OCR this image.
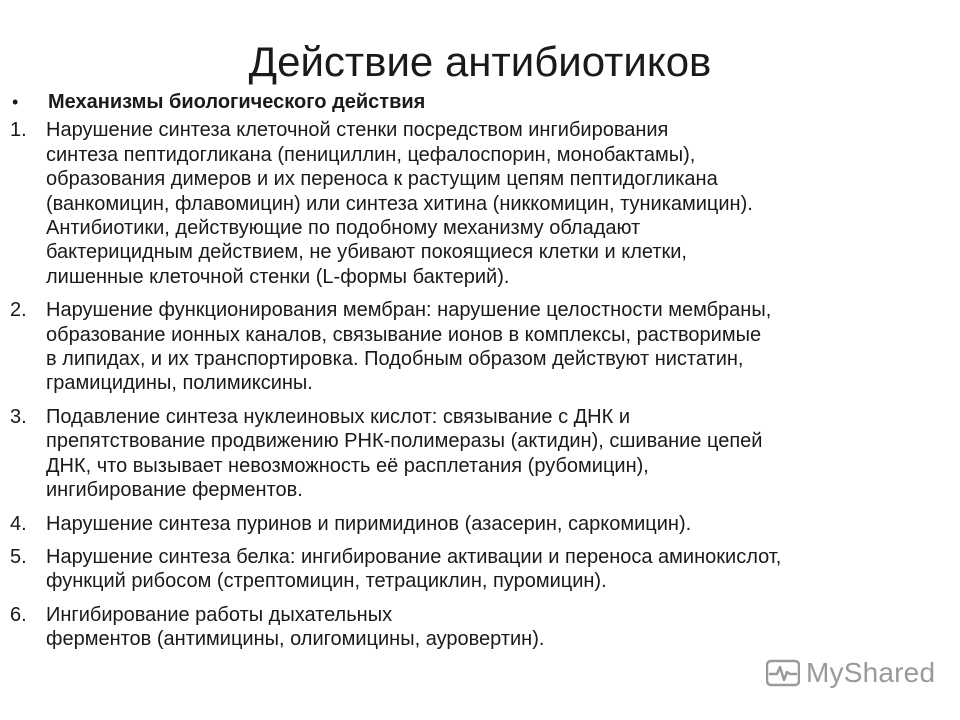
Действие антибиотиков
•	Механизмы биологического действия
1. Нарушение синтеза клеточной стенки посредством ингибирования
синтеза пептидогликана (пенициллин, цефалоспорин, монобактамы),
образования димеров и их переноса к растущим цепям пептидогликана
(ванкомицин, флавомицин) или синтеза хитина (никкомицин, туникамицин).
Антибиотики, действующие по подобному механизму обладают
бактерицидным действием, не убивают покоящиеся клетки и клетки,
лишенные клеточной стенки (L-формы бактерий).
2. Нарушение функционирования мембран: нарушение целостности мембраны,
образование ионных каналов, связывание ионов в комплексы, растворимые
в липидах, и их транспортировка. Подобным образом действуют нистатин,
грамицидины, полимиксины.
3. Подавление синтеза нуклеиновых кислот: связывание с ДНК и
препятствование продвижению РНК-полимеразы (актидин), сшивание цепей
ДНК, что вызывает невозможность её расплетания (рубомицин),
ингибирование ферментов.
4. Нарушение синтеза пуринов и пиримидинов (азасерин, саркомицин).
5. Нарушение синтеза белка: ингибирование активации и переноса аминокислот,
функций рибосом (стрептомицин, тетрациклин, пуромицин).
6. Ингибирование работы дыхательных
ферментов (антимицины, олигомицины, ауровертин).
MyShared
